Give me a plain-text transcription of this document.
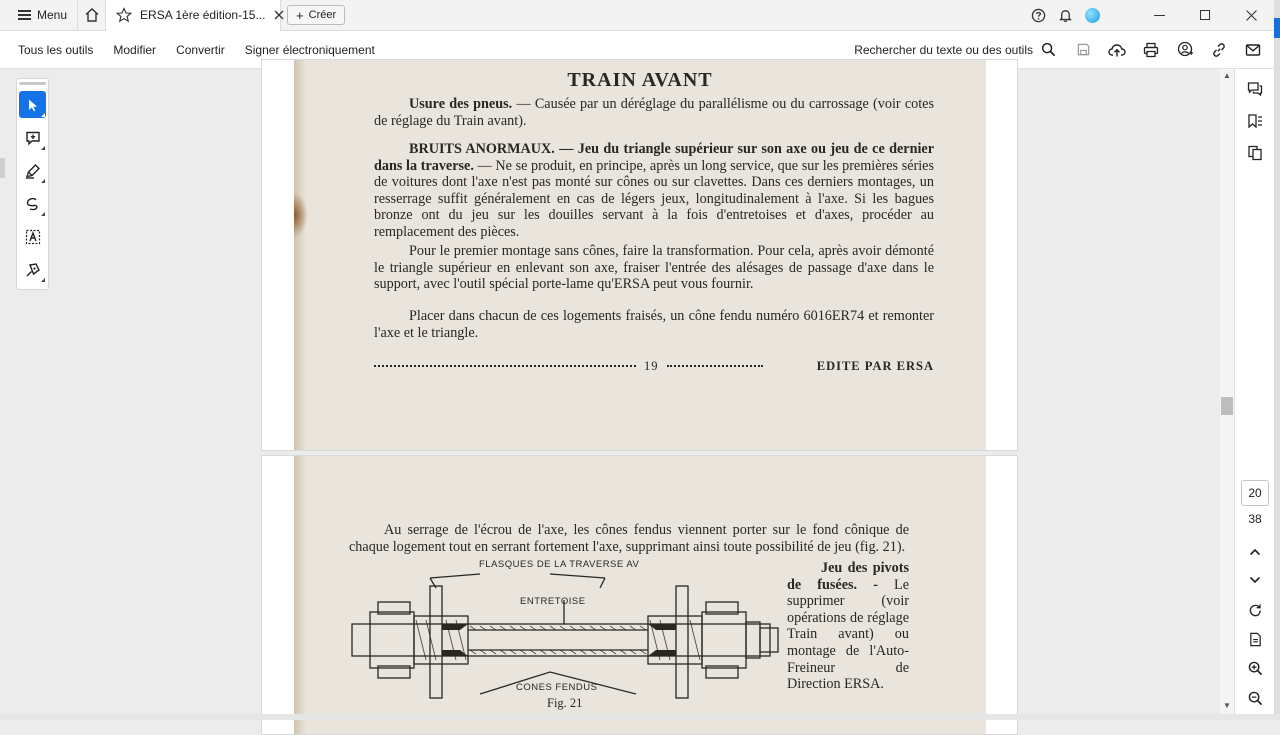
Menu	ERSA 1ère édition-15... + Créer
Tous les outils	Modifier	Convertir	Signer électroniquement	Rechercher du texte ou des outils
TRAIN AVANT
Usure des pneus. — Causée par un déréglage du parallélisme ou du carrossage (voir cotes de réglage du Train avant).
BRUITS ANORMAUX. — Jeu du triangle supérieur sur son axe ou jeu de ce dernier dans la traverse. — Ne se produit, en principe, après un long service, que sur les premières séries de voitures dont l'axe n'est pas monté sur cônes ou sur clavettes. Dans ces derniers montages, un resserrage suffit généralement en cas de légers jeux, longitudinalement à l'axe. Si les bagues bronze ont du jeu sur les douilles servant à la fois d'entretoises et d'axes, procéder au remplacement des pièces.
Pour le premier montage sans cônes, faire la transformation. Pour cela, après avoir démonté le triangle supérieur en enlevant son axe, fraiser l'entrée des alésages de passage d'axe dans le support, avec l'outil spécial porte-lame qu'ERSA peut vous fournir.
Placer dans chacun de ces logements fraisés, un cône fendu numéro 6016ER74 et remonter l'axe et le triangle.
19	EDITE PAR ERSA
Au serrage de l'écrou de l'axe, les cônes fendus viennent porter sur le fond cônique de chaque logement tout en serrant fortement l'axe, supprimant ainsi toute possibilité de jeu (fig. 21).
Jeu des pivots de fusées. - Le supprimer (voir opérations de réglage Train avant) ou montage de l'Auto-Freineur de Direction ERSA.
FLASQUES DE LA TRAVERSE AV
ENTRETOISE
CONES FENDUS
Fig. 21
▲
▼
20
38
